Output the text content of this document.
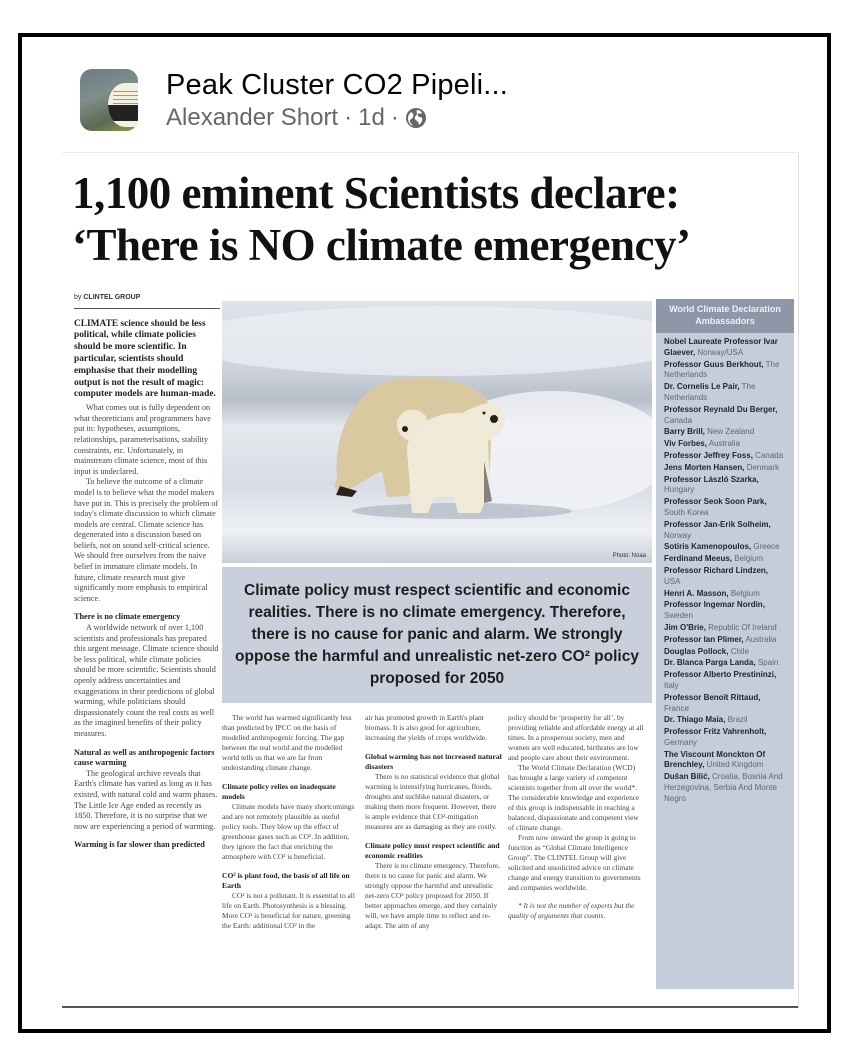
Peak Cluster CO2 Pipeli...
Alexander Short · 1d ·
1,100 eminent Scientists declare:
‘There is NO climate emergency’
by CLINTEL GROUP

CLIMATE science should be less political, while climate policies should be more scientific. In particular, scientists should emphasise that their modelling output is not the result of magic: computer models are human-made.

What comes out is fully dependent on what theoreticians and programmers have put in: hypotheses, assumptions, relationships, parameterisations, stability constraints, etc. Unfortunately, in mainstream climate science, most of this input is undeclared.

To believe the outcome of a climate model is to believe what the model makers have put in. This is precisely the problem of today's climate discussion to which climate models are central. Climate science has degenerated into a discussion based on beliefs, not on sound self-critical science. We should free ourselves from the naive belief in immature climate models. In future, climate research must give significantly more emphasis to empirical science.

There is no climate emergency

A worldwide network of over 1,100 scientists and professionals has prepared this urgent message. Climate science should be less political, while climate policies should be more scientific. Scientists should openly address uncertainties and exaggerations in their predictions of global warming, while politicians should dispassionately count the real costs as well as the imagined benefits of their policy measures.

Natural as well as anthropogenic factors cause warming

The geological archive reveals that Earth's climate has varied as long as it has existed, with natural cold and warm phases. The Little Ice Age ended as recently as 1850. Therefore, it is no surprise that we now are experiencing a period of warming.

Warming is far slower than predicted

Photo: Noaa
Climate policy must respect scientific and economic realities. There is no climate emergency. Therefore, there is no cause for panic and alarm. We strongly oppose the harmful and unrealistic net-zero CO² policy proposed for 2050

The world has warmed significantly less than predicted by IPCC on the basis of modelled anthropogenic forcing. The gap between the real world and the modelled world tells us that we are far from understanding climate change.

Climate policy relies on inadequate models

Climate models have many shortcomings and are not remotely plausible as useful policy tools. They blow up the effect of greenhouse gases such as CO². In addition, they ignore the fact that enriching the atmosphere with CO² is beneficial.

CO² is plant food, the basis of all life on Earth

CO² is not a pollutant. It is essential to all life on Earth. Photosynthesis is a blessing. More CO² is beneficial for nature, greening the Earth: additional CO² in the

air has promoted growth in Earth's plant biomass. It is also good for agriculture, increasing the yields of crops worldwide.

Global warming has not increased natural disasters

There is no statistical evidence that global warming is intensifying hurricanes, floods, droughts and suchlike natural disasters, or making them more frequent. However, there is ample evidence that CO²-mitigation measures are as damaging as they are costly.

Climate policy must respect scientific and economic realities

There is no climate emergency. Therefore, there is no cause for panic and alarm. We strongly oppose the harmful and unrealistic net-zero CO² policy proposed for 2050. If better approaches emerge, and they certainly will, we have ample time to reflect and re-adapt. The aim of any

policy should be ‘prosperity for all’, by providing reliable and affordable energy at all times. In a prosperous society, men and women are well educated, birthrates are low and people care about their environment.

The World Climate Declaration (WCD) has brought a large variety of competent scientists together from all over the world*. The considerable knowledge and experience of this group is indispensable in reaching a balanced, dispassionate and competent view of climate change.

From now onward the group is going to function as “Global Climate Intelligence Group”. The CLINTEL Group will give solicited and unsolicited advice on climate change and energy transition to governments and companies worldwide.

* It is not the number of experts but the quality of arguments that counts.

World Climate Declaration Ambassadors
Nobel Laureate Professor Ivar Glaever, Norway/USA
Professor Guus Berkhout, The Netherlands
Dr. Cornelis Le Pair, The Netherlands
Professor Reynald Du Berger, Canada
Barry Brill, New Zealand
Viv Forbes, Australia
Professor Jeffrey Foss, Canada
Jens Morten Hansen, Denmark
Professor László Szarka, Hungary
Professor Seok Soon Park, South Korea
Professor Jan-Erik Solheim, Norway
Sotiris Kamenopoulos, Greece
Ferdinand Meeus, Belgium
Professor Richard Lindzen, USA
Henri A. Masson, Belgium
Professor Ingemar Nordin, Sweden
Jim O'Brie, Republic Of Ireland
Professor Ian Plimer, Australia
Douglas Pollock, Chile
Dr. Blanca Parga Landa, Spain
Professor Alberto Prestininzi, Italy
Professor Benoît Rittaud, France
Dr. Thiago Maia, Brazil
Professor Fritz Vahrenholt, Germany
The Viscount Monckton Of Brenchley, United Kingdom
Dušan Bilić, Croatia, Bosnia And Herzegovina, Serbia And Monte Negro
